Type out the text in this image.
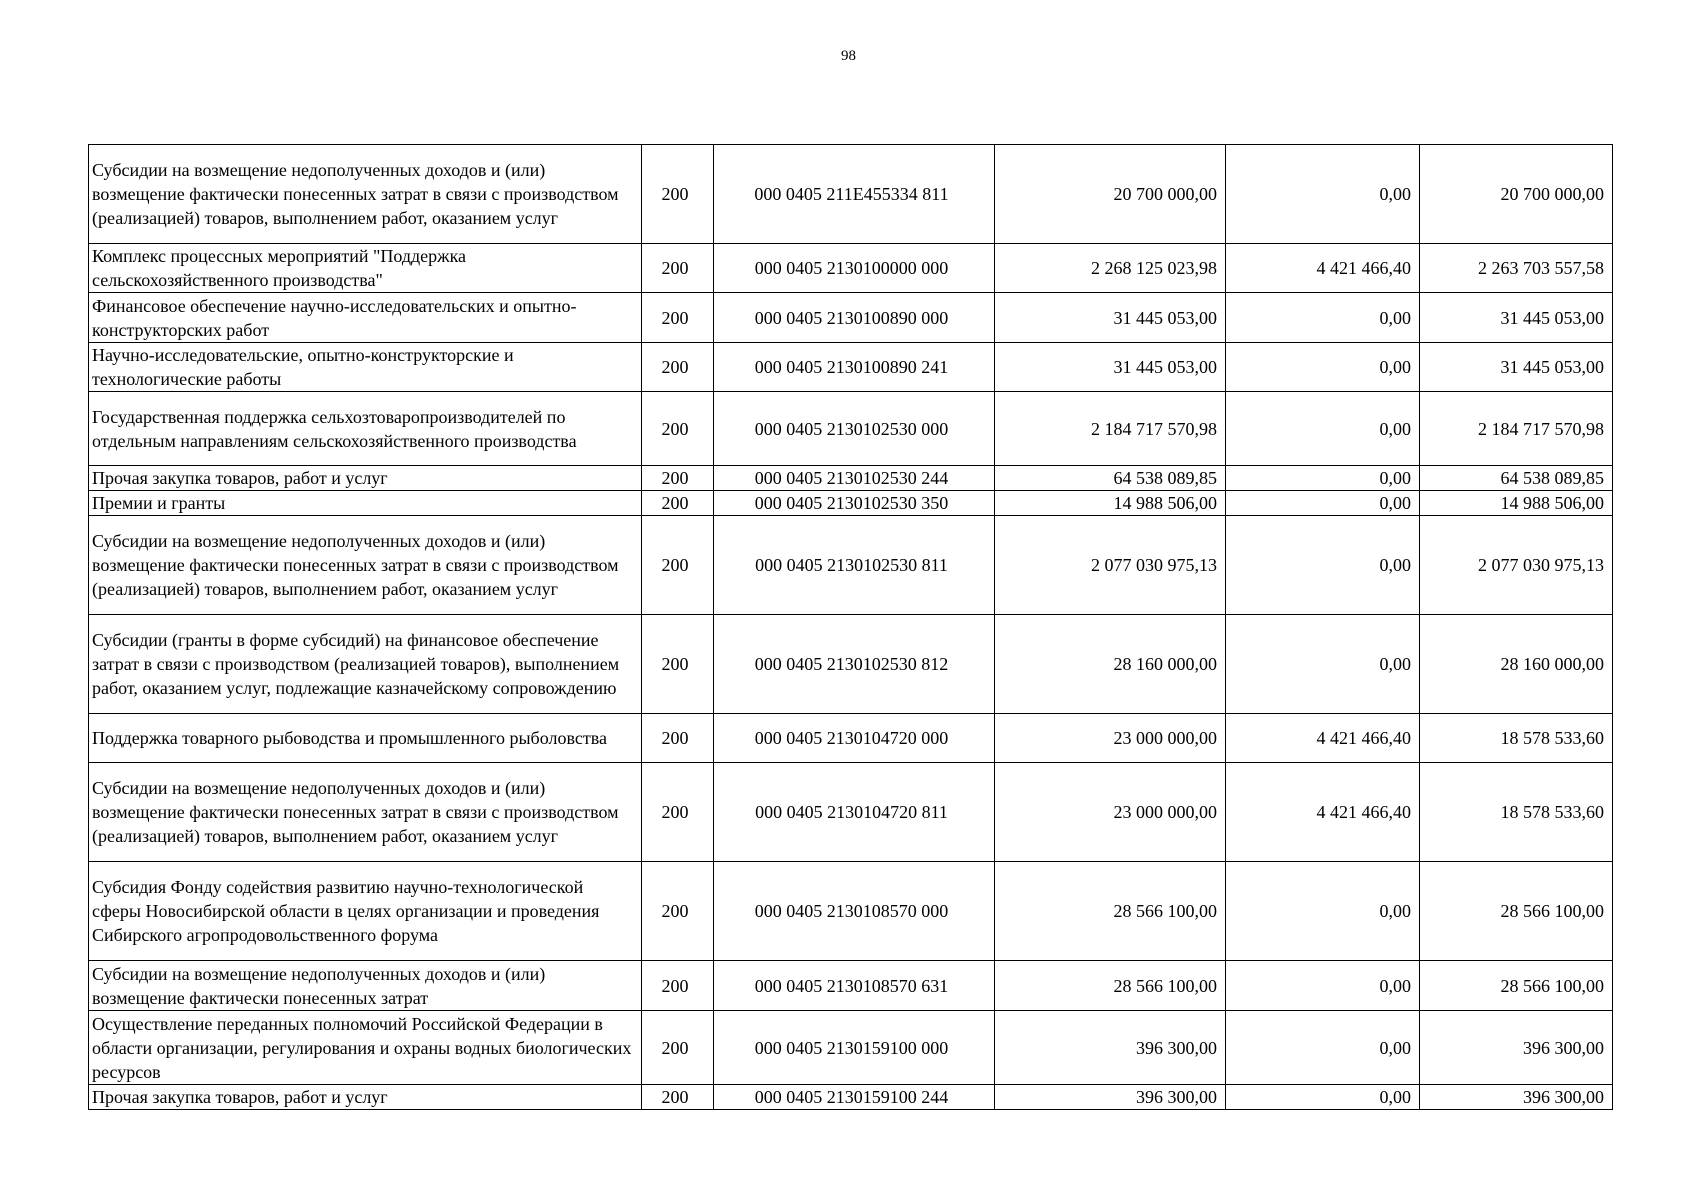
98
Субсидии на возмещение недополученных доходов и (или) возмещение фактически понесенных затрат в связи с производством (реализацией) товаров, выполнением работ, оказанием услуг	200	000 0405 211Е455334 811	20 700 000,00	0,00	20 700 000,00
Комплекс процессных мероприятий "Поддержка сельскохозяйственного производства"	200	000 0405 2130100000 000	2 268 125 023,98	4 421 466,40	2 263 703 557,58
Финансовое обеспечение научно-исследовательских и опытно-конструкторских работ	200	000 0405 2130100890 000	31 445 053,00	0,00	31 445 053,00
Научно-исследовательские, опытно-конструкторские и технологические работы	200	000 0405 2130100890 241	31 445 053,00	0,00	31 445 053,00
Государственная поддержка сельхозтоваропроизводителей по отдельным направлениям сельскохозяйственного производства	200	000 0405 2130102530 000	2 184 717 570,98	0,00	2 184 717 570,98
Прочая закупка товаров, работ и услуг	200	000 0405 2130102530 244	64 538 089,85	0,00	64 538 089,85
Премии и гранты	200	000 0405 2130102530 350	14 988 506,00	0,00	14 988 506,00
Субсидии на возмещение недополученных доходов и (или) возмещение фактически понесенных затрат в связи с производством (реализацией) товаров, выполнением работ, оказанием услуг	200	000 0405 2130102530 811	2 077 030 975,13	0,00	2 077 030 975,13
Субсидии (гранты в форме субсидий) на финансовое обеспечение затрат в связи с производством (реализацией товаров), выполнением работ, оказанием услуг, подлежащие казначейскому сопровождению	200	000 0405 2130102530 812	28 160 000,00	0,00	28 160 000,00
Поддержка товарного рыбоводства и промышленного рыболовства	200	000 0405 2130104720 000	23 000 000,00	4 421 466,40	18 578 533,60
Субсидии на возмещение недополученных доходов и (или) возмещение фактически понесенных затрат в связи с производством (реализацией) товаров, выполнением работ, оказанием услуг	200	000 0405 2130104720 811	23 000 000,00	4 421 466,40	18 578 533,60
Субсидия Фонду содействия развитию научно-технологической сферы Новосибирской области в целях организации и проведения Сибирского агропродовольственного форума	200	000 0405 2130108570 000	28 566 100,00	0,00	28 566 100,00
Субсидии на возмещение недополученных доходов и (или) возмещение фактически понесенных затрат	200	000 0405 2130108570 631	28 566 100,00	0,00	28 566 100,00
Осуществление переданных полномочий Российской Федерации в области организации, регулирования и охраны водных биологических ресурсов	200	000 0405 2130159100 000	396 300,00	0,00	396 300,00
Прочая закупка товаров, работ и услуг	200	000 0405 2130159100 244	396 300,00	0,00	396 300,00
